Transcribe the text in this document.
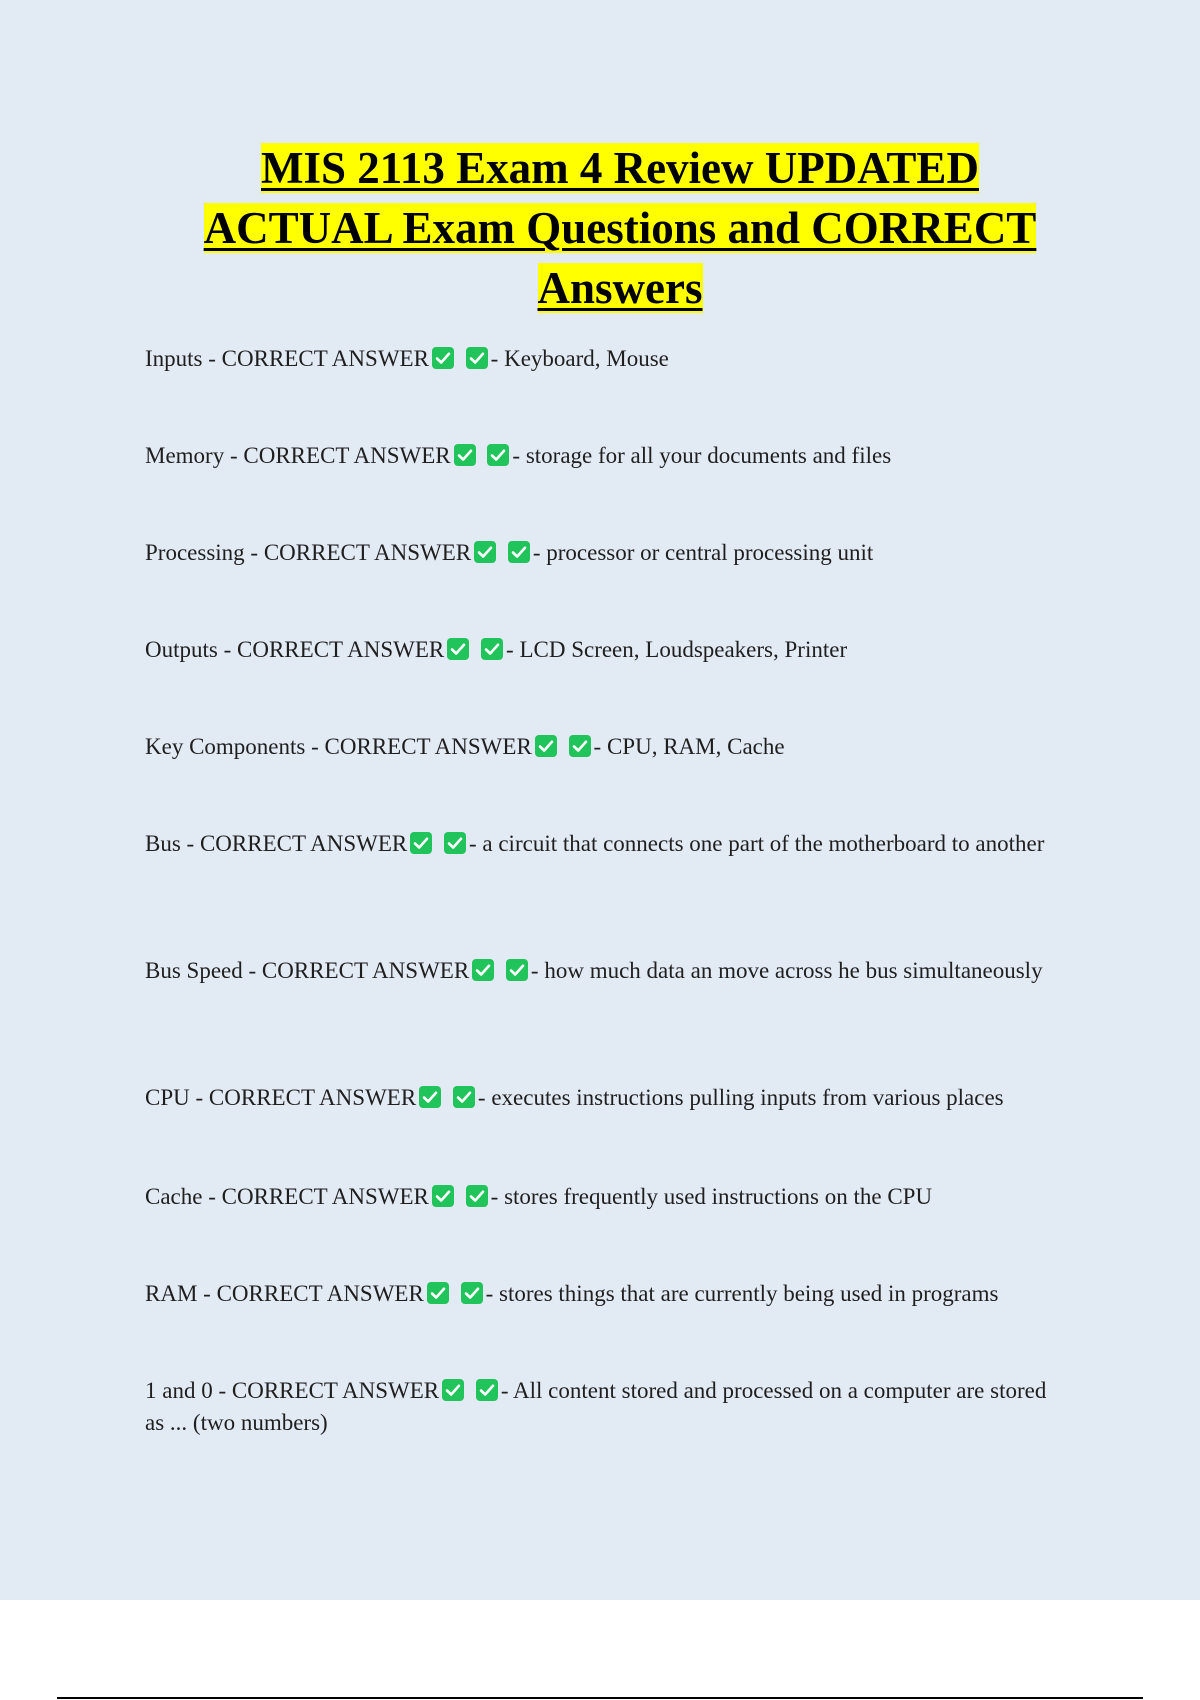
MIS 2113 Exam 4 Review UPDATED
ACTUAL Exam Questions and CORRECT
Answers

Inputs - CORRECT ANSWER
	- Keyboard, Mouse

Memory - CORRECT ANSWER
	- storage for all your documents and files

Processing - CORRECT ANSWER
	- processor or central processing unit

Outputs - CORRECT ANSWER
	- LCD Screen, Loudspeakers, Printer

Key Components - CORRECT ANSWER
	- CPU, RAM, Cache

Bus - CORRECT ANSWER
	- a circuit that connects one part of the motherboard to another

Bus Speed - CORRECT ANSWER
	- how much data an move across he bus simultaneously

CPU - CORRECT ANSWER
	- executes instructions pulling inputs from various places

Cache - CORRECT ANSWER
	- stores frequently used instructions on the CPU

RAM - CORRECT ANSWER
	- stores things that are currently being used in programs

1 and 0 - CORRECT ANSWER
	- All content stored and processed on a computer are stored as ... (two numbers)
